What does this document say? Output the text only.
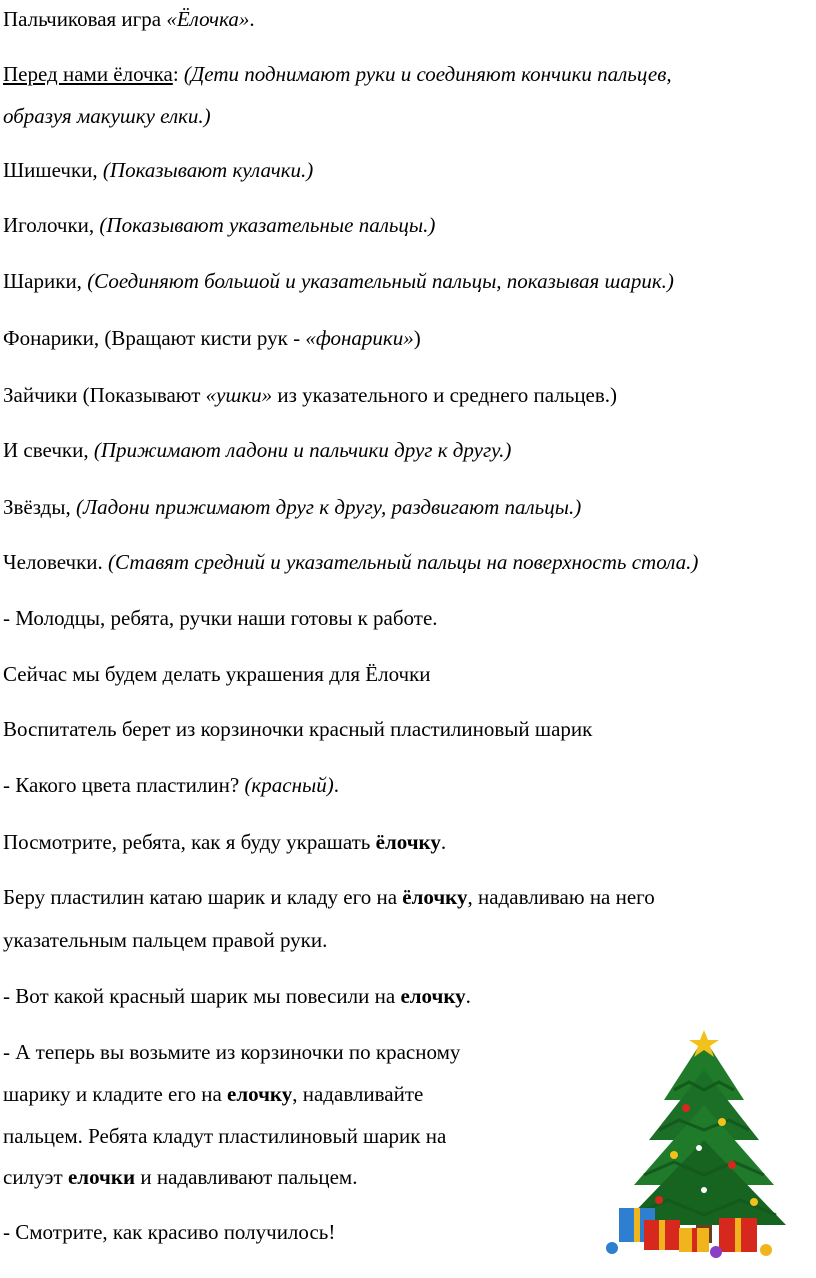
Пальчиковая игра «Ёлочка».
Перед нами ёлочка: (Дети поднимают руки и соединяют кончики пальцев,
образуя макушку елки.)
Шишечки, (Показывают кулачки.)
Иголочки, (Показывают указательные пальцы.)
Шарики, (Соединяют большой и указательный пальцы, показывая шарик.)
Фонарики, (Вращают кисти рук - «фонарики»)
Зайчики (Показывают «ушки» из указательного и среднего пальцев.)
И свечки, (Прижимают ладони и пальчики друг к другу.)
Звёзды, (Ладони прижимают друг к другу, раздвигают пальцы.)
Человечки. (Ставят средний и указательный пальцы на поверхность стола.)
- Молодцы, ребята, ручки наши готовы к работе.
Сейчас мы будем делать украшения для Ёлочки
Воспитатель берет из корзиночки красный пластилиновый шарик
- Какого цвета пластилин? (красный).
Посмотрите, ребята, как я буду украшать ёлочку.
Беру пластилин катаю шарик и кладу его на ёлочку, надавливаю на него
указательным пальцем правой руки.
- Вот какой красный шарик мы повесили на елочку.
- А теперь вы возьмите из корзиночки по красному
шарику и кладите его на елочку, надавливайте
пальцем. Ребята кладут пластилиновый шарик на
силуэт елочки и надавливают пальцем.
- Смотрите, как красиво получилось!
